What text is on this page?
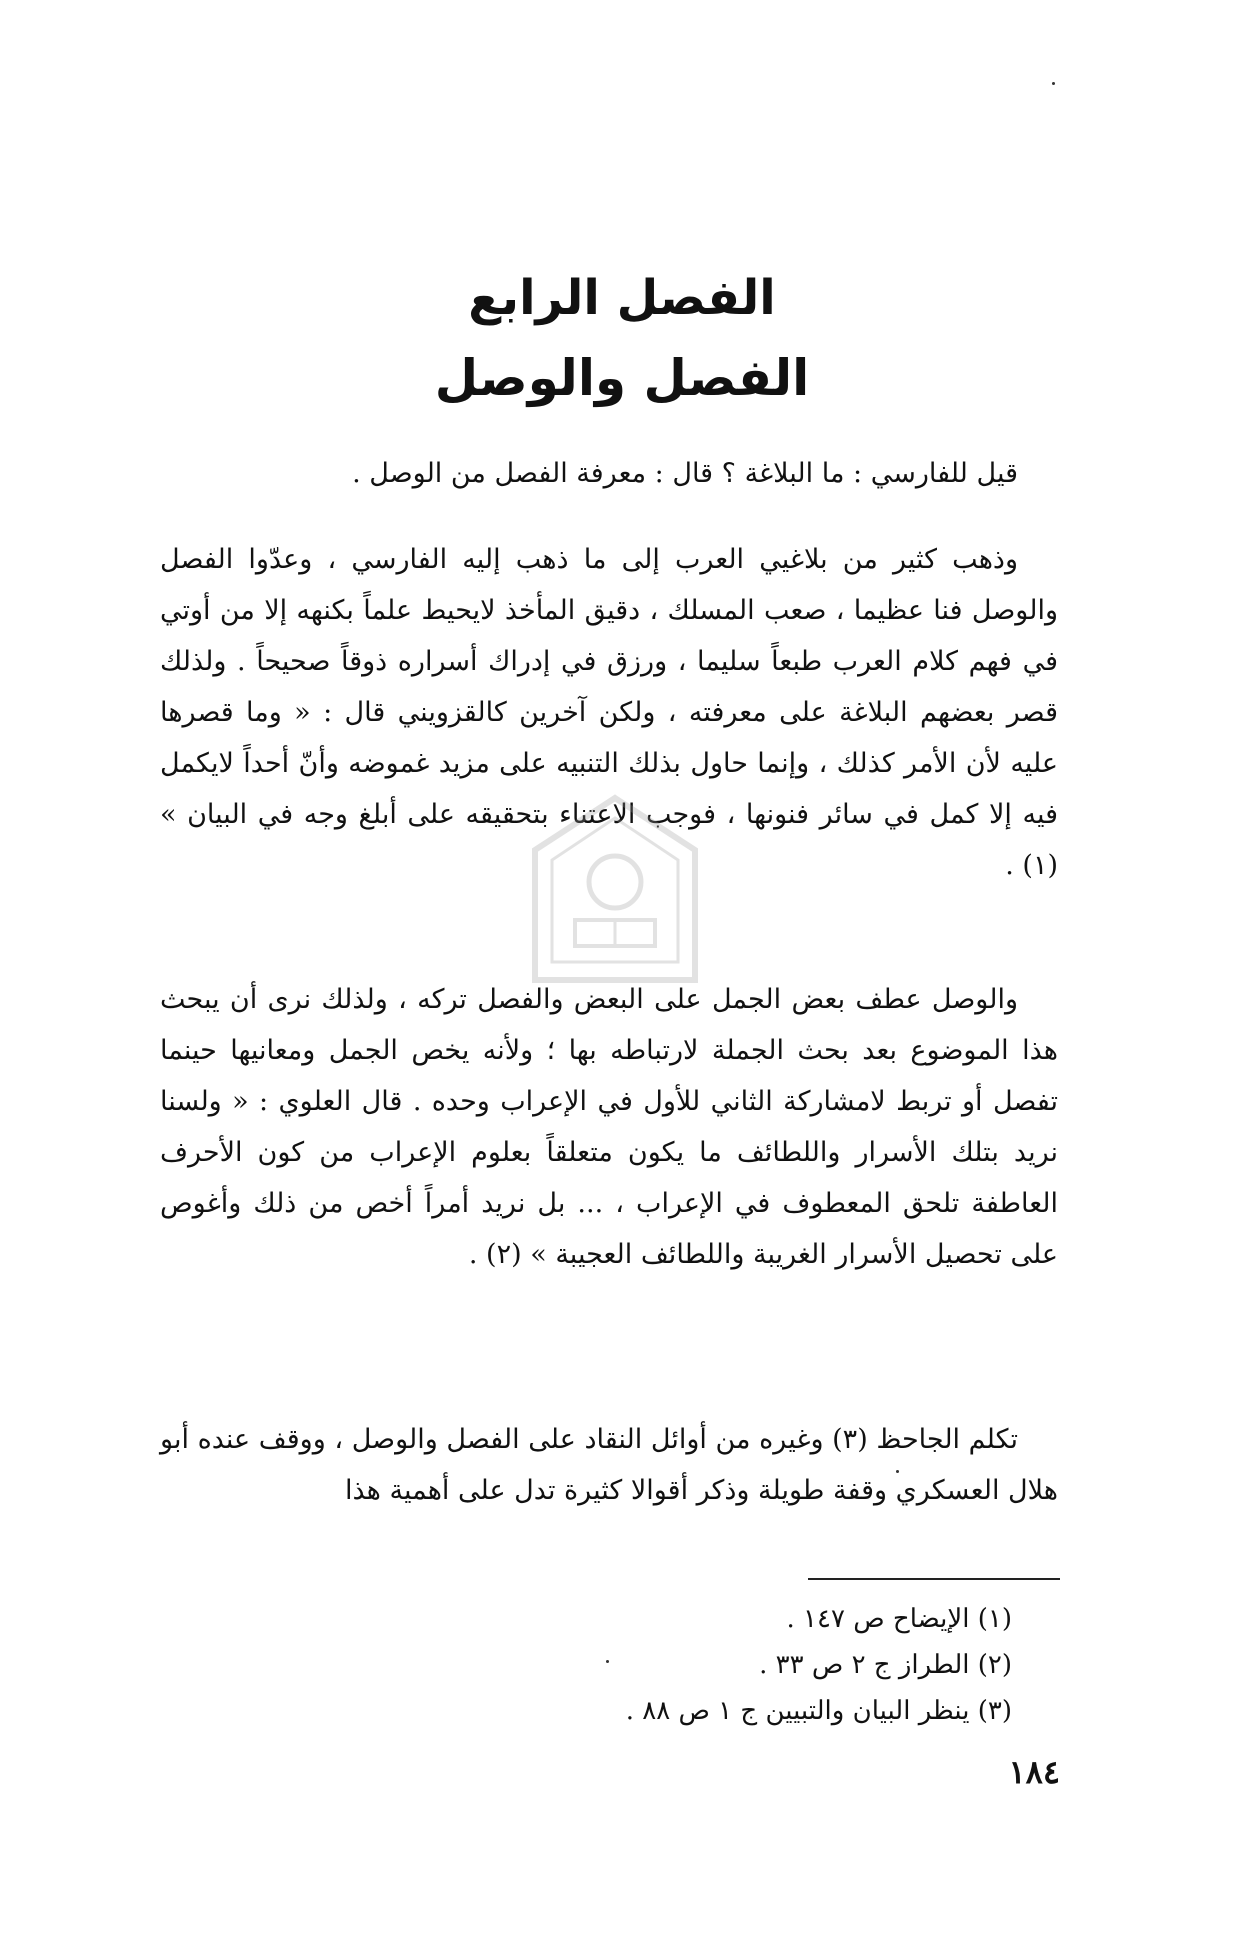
الفصل الرابع
الفصل والوصل

قيل للفارسي : ما البلاغة ؟ قال : معرفة الفصل من الوصل .

وذهب كثير من بلاغيي العرب إلى ما ذهب إليه الفارسي ، وعدّوا الفصل والوصل فنا عظيما ، صعب المسلك ، دقيق المأخذ لايحيط علماً بكنهه إلا من أوتي في فهم كلام العرب طبعاً سليما ، ورزق في إدراك أسراره ذوقاً صحيحاً . ولذلك قصر بعضهم البلاغة على معرفته ، ولكن آخرين كالقزويني قال : « وما قصرها عليه لأن الأمر كذلك ، وإنما حاول بذلك التنبيه على مزيد غموضه وأنّ أحداً لايكمل فيه إلا كمل في سائر فنونها ، فوجب الاعتناء بتحقيقه على أبلغ وجه في البيان » (١) .

والوصل عطف بعض الجمل على البعض والفصل تركه ، ولذلك نرى أن يبحث هذا الموضوع بعد بحث الجملة لارتباطه بها ؛ ولأنه يخص الجمل ومعانيها حينما تفصل أو تربط لامشاركة الثاني للأول في الإعراب وحده . قال العلوي : « ولسنا نريد بتلك الأسرار واللطائف ما يكون متعلقاً بعلوم الإعراب من كون الأحرف العاطفة تلحق المعطوف في الإعراب ، ... بل نريد أمراً أخص من ذلك وأغوص على تحصيل الأسرار الغريبة واللطائف العجيبة » (٢) .

تكلم الجاحظ (٣) وغيره من أوائل النقاد على الفصل والوصل ، ووقف عنده أبو هلال العسكري وقفة طويلة وذكر أقوالا كثيرة تدل على أهمية هذا

(١) الإيضاح ص ١٤٧ .
(٢) الطراز ج ٢ ص ٣٣ .
(٣) ينظر البيان والتبيين ج ١ ص ٨٨ .
١٨٤
